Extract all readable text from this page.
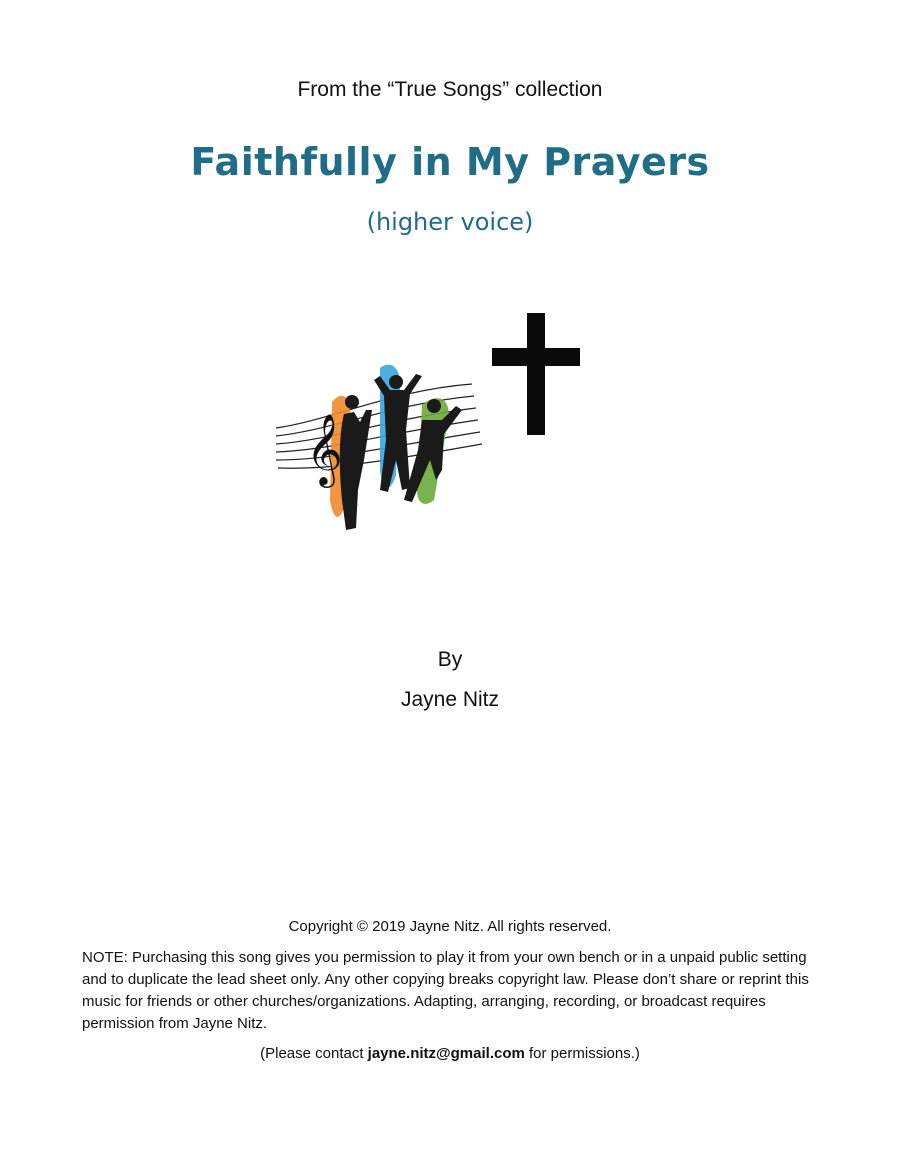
From the “True Songs” collection
Faithfully in My Prayers
(higher voice)
𝄞
By
Jayne Nitz
Copyright © 2019 Jayne Nitz. All rights reserved.
NOTE: Purchasing this song gives you permission to play it from your own bench or in a unpaid public setting and to duplicate the lead sheet only. Any other copying breaks copyright law. Please don’t share or reprint this music for friends or other churches/organizations. Adapting, arranging, recording, or broadcast requires permission from Jayne Nitz.
(Please contact jayne.nitz@gmail.com for permissions.)
